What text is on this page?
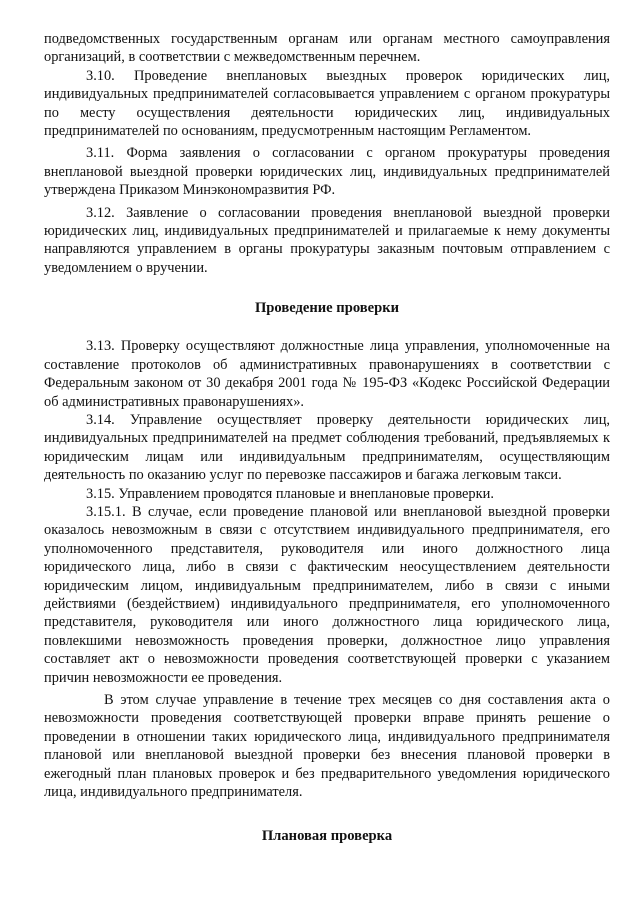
подведомственных государственным органам или органам местного самоуправления организаций, в соответствии с межведомственным перечнем.

3.10. Проведение внеплановых выездных проверок юридических лиц, индивидуальных предпринимателей согласовывается управлением с органом прокуратуры по месту осуществления деятельности юридических лиц, индивидуальных предпринимателей по основаниям, предусмотренным настоящим Регламентом.

3.11. Форма заявления о согласовании с органом прокуратуры проведения внеплановой выездной проверки юридических лиц, индивидуальных предпринимателей утверждена Приказом Минэкономразвития РФ.

3.12. Заявление о согласовании проведения внеплановой выездной проверки юридических лиц, индивидуальных предпринимателей и прилагаемые к нему документы направляются управлением в органы прокуратуры заказным почтовым отправлением с уведомлением о вручении.

Проведение проверки

3.13. Проверку осуществляют должностные лица управления, уполномоченные на составление протоколов об административных правонарушениях в соответствии с Федеральным законом от 30 декабря 2001 года № 195-ФЗ «Кодекс Российской Федерации об административных правонарушениях».

3.14. Управление осуществляет проверку деятельности юридических лиц, индивидуальных предпринимателей на предмет соблюдения требований, предъявляемых к юридическим лицам или индивидуальным предпринимателям, осуществляющим деятельность по оказанию услуг по перевозке пассажиров и багажа легковым такси.

3.15. Управлением проводятся плановые и внеплановые проверки.

3.15.1. В случае, если проведение плановой или внеплановой выездной проверки оказалось невозможным в связи с отсутствием индивидуального предпринимателя, его уполномоченного представителя, руководителя или иного должностного лица юридического лица, либо в связи с фактическим неосуществлением деятельности юридическим лицом, индивидуальным предпринимателем, либо в связи с иными действиями (бездействием) индивидуального предпринимателя, его уполномоченного представителя, руководителя или иного должностного лица юридического лица, повлекшими невозможность проведения проверки, должностное лицо управления составляет акт о невозможности проведения соответствующей проверки с указанием причин невозможности ее проведения.

В этом случае управление в течение трех месяцев со дня составления акта о невозможности проведения соответствующей проверки вправе принять решение о проведении в отношении таких юридического лица, индивидуального предпринимателя плановой или внеплановой выездной проверки без внесения плановой проверки в ежегодный план плановых проверок и без предварительного уведомления юридического лица, индивидуального предпринимателя.

Плановая проверка
